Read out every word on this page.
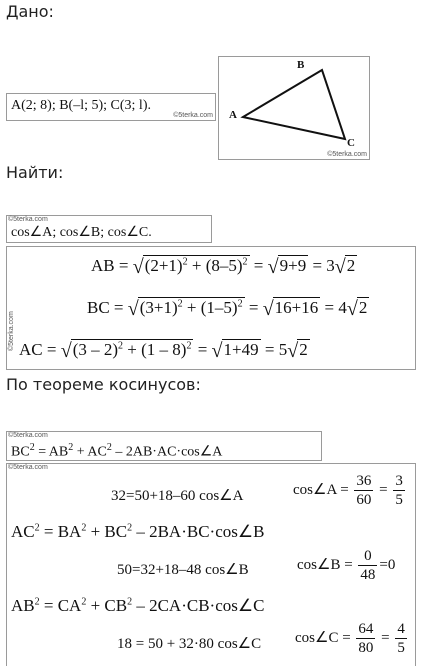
Дано:
A(2; 8); B(–l; 5); C(3; l).
©5terka.com A
B
C
©5terka.com
Найти:
©5terka.com
cos∠A; cos∠B; cos∠C.
©5terka.com
AB = $√(2+1)^2 + (8-5)^2 = √9+9 = 3√2$
BC = $√(3+1)^2 + (1-5)^2 = √16+16 = 4√2$
AC = √(3 – 2)$^2$ + (1 – 8)$^2$ = √1+49 = 5√2
По теореме косинусов:
©5terka.com
$BC^2 = AB^2 + AC^2$ – 2AB·AC·cos∠A
©5terka.com
32=50+18–60 cos∠A	cos∠A = $\frac{36}{60} = \frac{3}{5}$
$AC^2 = BA^2 + BC^2$ – 2BA·BC·cos∠B
50=32+18–48 cos∠B	cos∠B = $\frac{0}{48} =0$
$AB^2 = CA^2 + CB^2$ – 2CA·CB·cos∠C
18 = 50 + 32·80 cos∠C cos∠C = $\frac{64}{80} = \frac{4}{5}$
